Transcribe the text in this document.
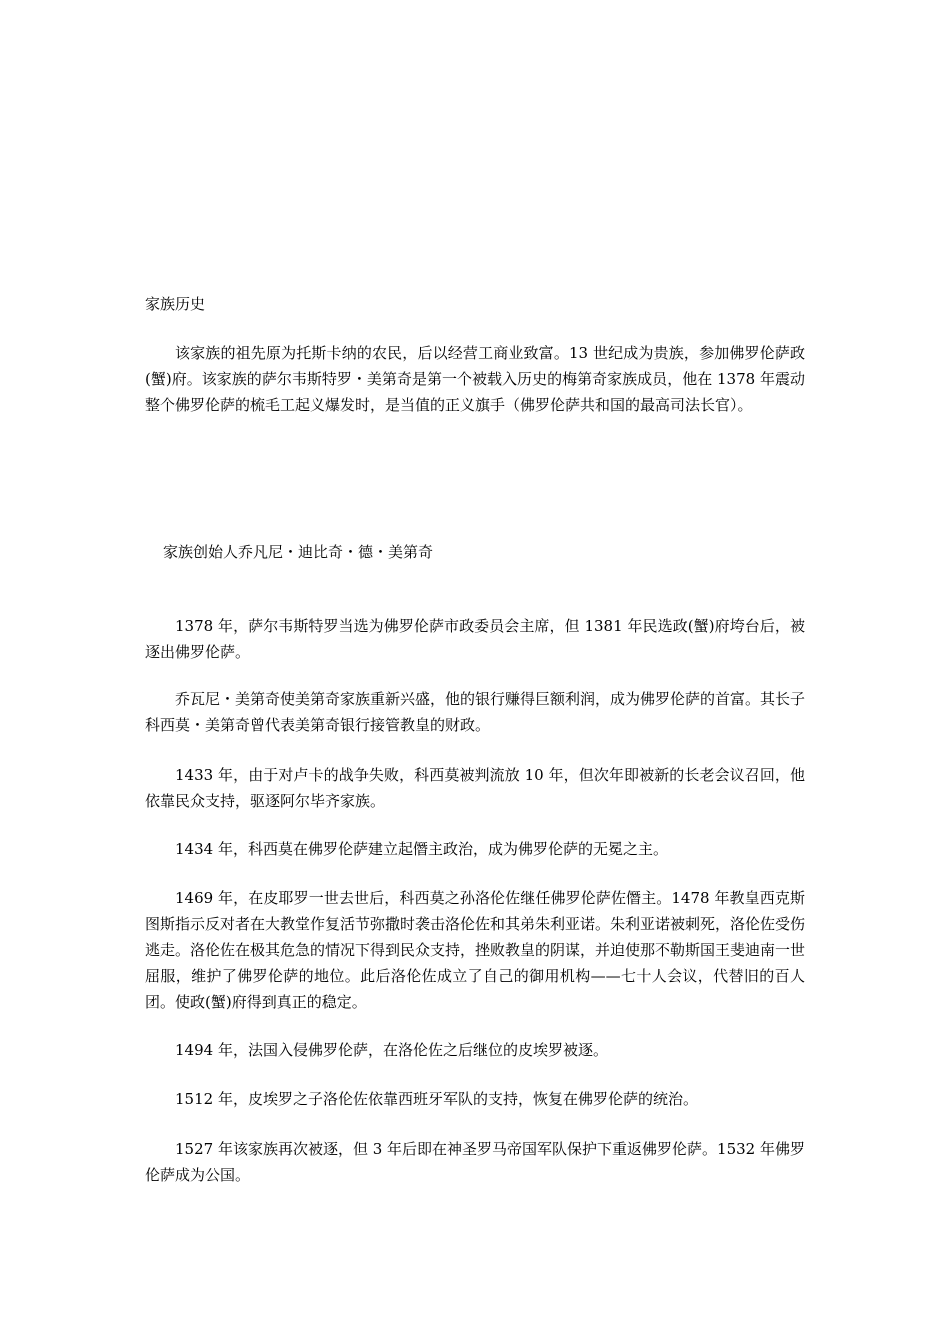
家族历史

该家族的祖先原为托斯卡纳的农民，后以经营工商业致富。13 世纪成为贵族，参加佛罗伦萨政(蟹)府。该家族的萨尔韦斯特罗・美第奇是第一个被载入历史的梅第奇家族成员，他在 1378 年震动整个佛罗伦萨的梳毛工起义爆发时，是当值的正义旗手（佛罗伦萨共和国的最高司法长官）。

家族创始人乔凡尼・迪比奇・德・美第奇

1378 年，萨尔韦斯特罗当选为佛罗伦萨市政委员会主席，但 1381 年民选政(蟹)府垮台后，被逐出佛罗伦萨。

乔瓦尼・美第奇使美第奇家族重新兴盛，他的银行赚得巨额利润，成为佛罗伦萨的首富。其长子科西莫・美第奇曾代表美第奇银行接管教皇的财政。

1433 年，由于对卢卡的战争失败，科西莫被判流放 10 年，但次年即被新的长老会议召回，他依靠民众支持，驱逐阿尔毕齐家族。

1434 年，科西莫在佛罗伦萨建立起僭主政治，成为佛罗伦萨的无冕之主。

1469 年，在皮耶罗一世去世后，科西莫之孙洛伦佐继任佛罗伦萨佐僭主。1478 年教皇西克斯图斯指示反对者在大教堂作复活节弥撒时袭击洛伦佐和其弟朱利亚诺。朱利亚诺被刺死，洛伦佐受伤逃走。洛伦佐在极其危急的情况下得到民众支持，挫败教皇的阴谋，并迫使那不勒斯国王斐迪南一世屈服，维护了佛罗伦萨的地位。此后洛伦佐成立了自己的御用机构——七十人会议，代替旧的百人团。使政(蟹)府得到真正的稳定。

1494 年，法国入侵佛罗伦萨，在洛伦佐之后继位的皮埃罗被逐。

1512 年，皮埃罗之子洛伦佐依靠西班牙军队的支持，恢复在佛罗伦萨的统治。

1527 年该家族再次被逐，但 3 年后即在神圣罗马帝国军队保护下重返佛罗伦萨。1532 年佛罗伦萨成为公国。
